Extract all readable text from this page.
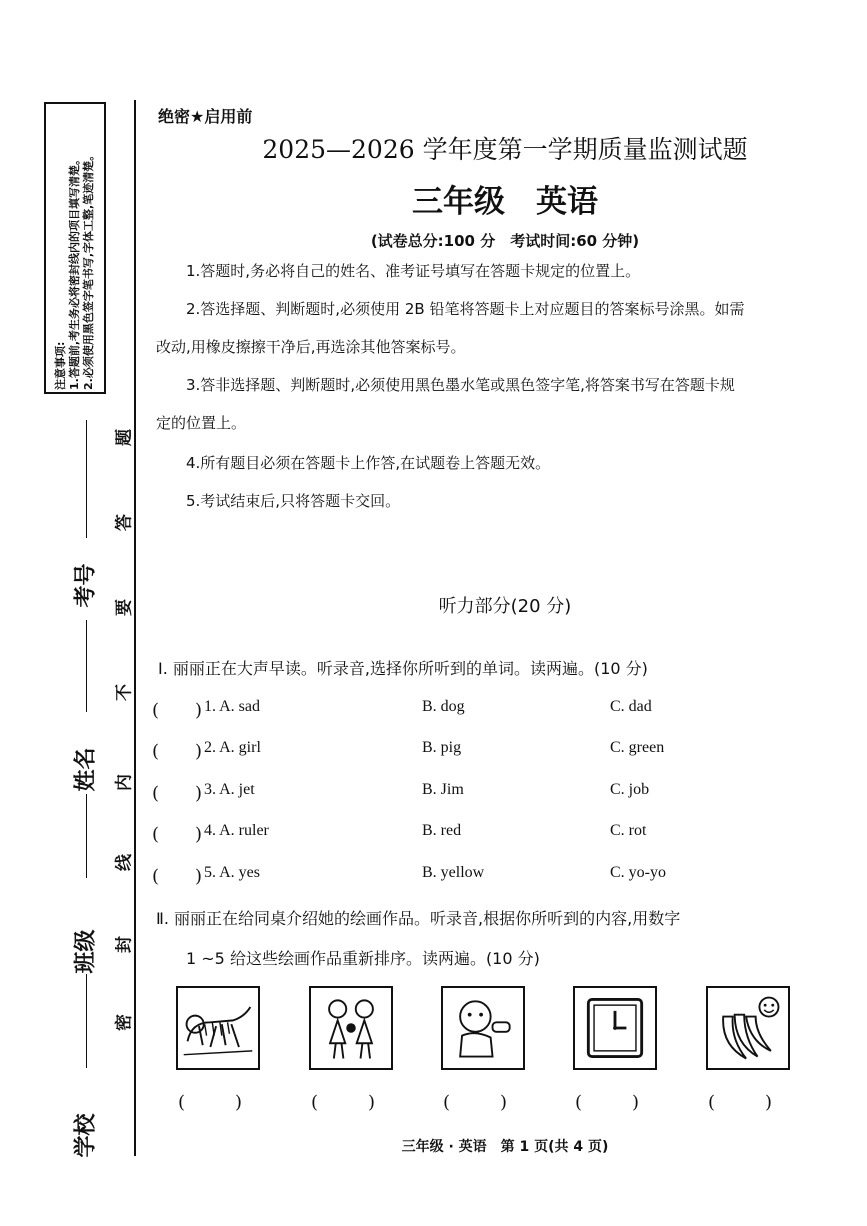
注意事项:
1.答题前,考生务必将密封线内的项目填写清楚。
2.必须使用黑色签字笔书写,字体工整,笔迹清楚。
考号
姓名
班级
学校
密
封
线
内
不
要
答
题
绝密★启用前
2025—2026 学年度第一学期质量监测试题
三年级　英语
(试卷总分:100 分　考试时间:60 分钟)
1.答题时,务必将自己的姓名、准考证号填写在答题卡规定的位置上。
2.答选择题、判断题时,必须使用 2B 铅笔将答题卡上对应题目的答案标号涂黑。如需
改动,用橡皮擦擦干净后,再选涂其他答案标号。
3.答非选择题、判断题时,必须使用黑色墨水笔或黑色签字笔,将答案书写在答题卡规
定的位置上。
4.所有题目必须在答题卡上作答,在试题卷上答题无效。
5.考试结束后,只将答题卡交回。
听力部分(20 分)
Ⅰ. 丽丽正在大声早读。听录音,选择你所听到的单词。读两遍。(10 分)
(　　) 1. A. sad	B. dog	C. dad
(　　) 2. A. girl	B. pig	C. green
(　　) 3. A. jet	B. Jim	C. job
(　　) 4. A. ruler	B. red	C. rot
(　　) 5. A. yes	B. yellow	C. yo-yo
Ⅱ. 丽丽正在给同桌介绍她的绘画作品。听录音,根据你所听到的内容,用数字
1 ~5 给这些绘画作品重新排序。读两遍。(10 分)
(　)	(　)	(　)	(　)	(　)
三年级 · 英语　第 1 页(共 4 页)
